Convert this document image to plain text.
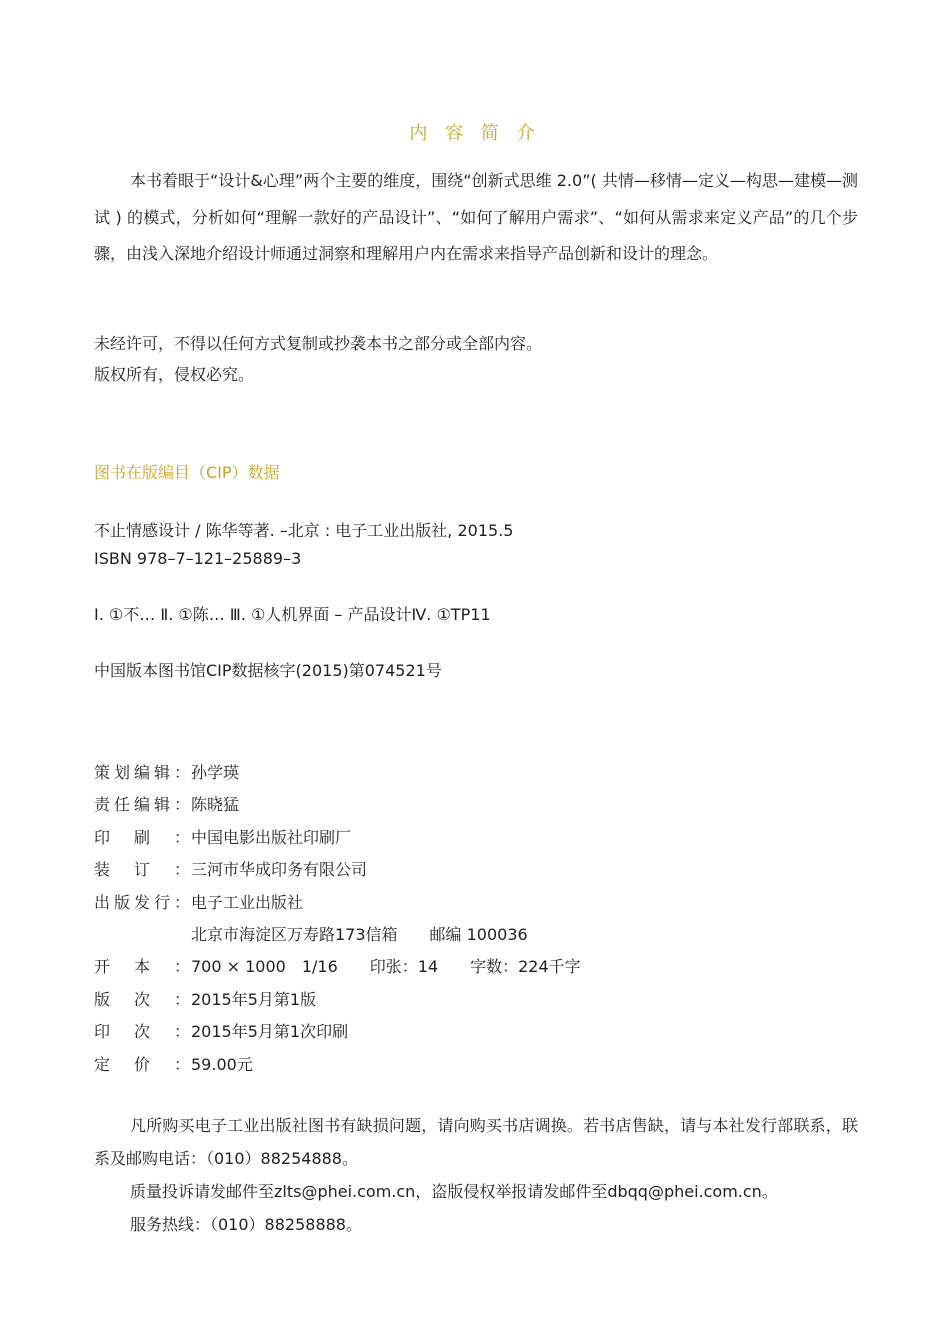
内 容 简 介
本书着眼于“设计&心理”两个主要的维度，围绕“创新式思维 2.0”( 共情—移情—定义—构思—建模—测试 ) 的模式，分析如何“理解一款好的产品设计”、“如何了解用户需求”、“如何从需求来定义产品”的几个步骤，由浅入深地介绍设计师通过洞察和理解用户内在需求来指导产品创新和设计的理念。
未经许可，不得以任何方式复制或抄袭本书之部分或全部内容。
版权所有，侵权必究。
图书在版编目（CIP）数据
不止情感设计 / 陈华等著. –北京 : 电子工业出版社, 2015.5
ISBN 978–7–121–25889–3
Ⅰ. ①不… Ⅱ. ①陈… Ⅲ. ①人机界面 – 产品设计Ⅳ. ①TP11
中国版本图书馆CIP数据核字(2015)第074521号
策划编辑： 孙学瑛
责任编辑： 陈晓猛
印刷： 中国电影出版社印刷厂
装订： 三河市华成印务有限公司
出版发行： 电子工业出版社
北京市海淀区万寿路173信箱　　邮编 100036
开本： 700 × 1000　1/16　　印张：14　　字数：224千字
版次： 2015年5月第1版
印次： 2015年5月第1次印刷
定价： 59.00元

凡所购买电子工业出版社图书有缺损问题，请向购买书店调换。若书店售缺，请与本社发行部联系，联系及邮购电话：（010）88254888。

质量投诉请发邮件至zlts@phei.com.cn，盗版侵权举报请发邮件至dbqq@phei.com.cn。

服务热线：（010）88258888。
